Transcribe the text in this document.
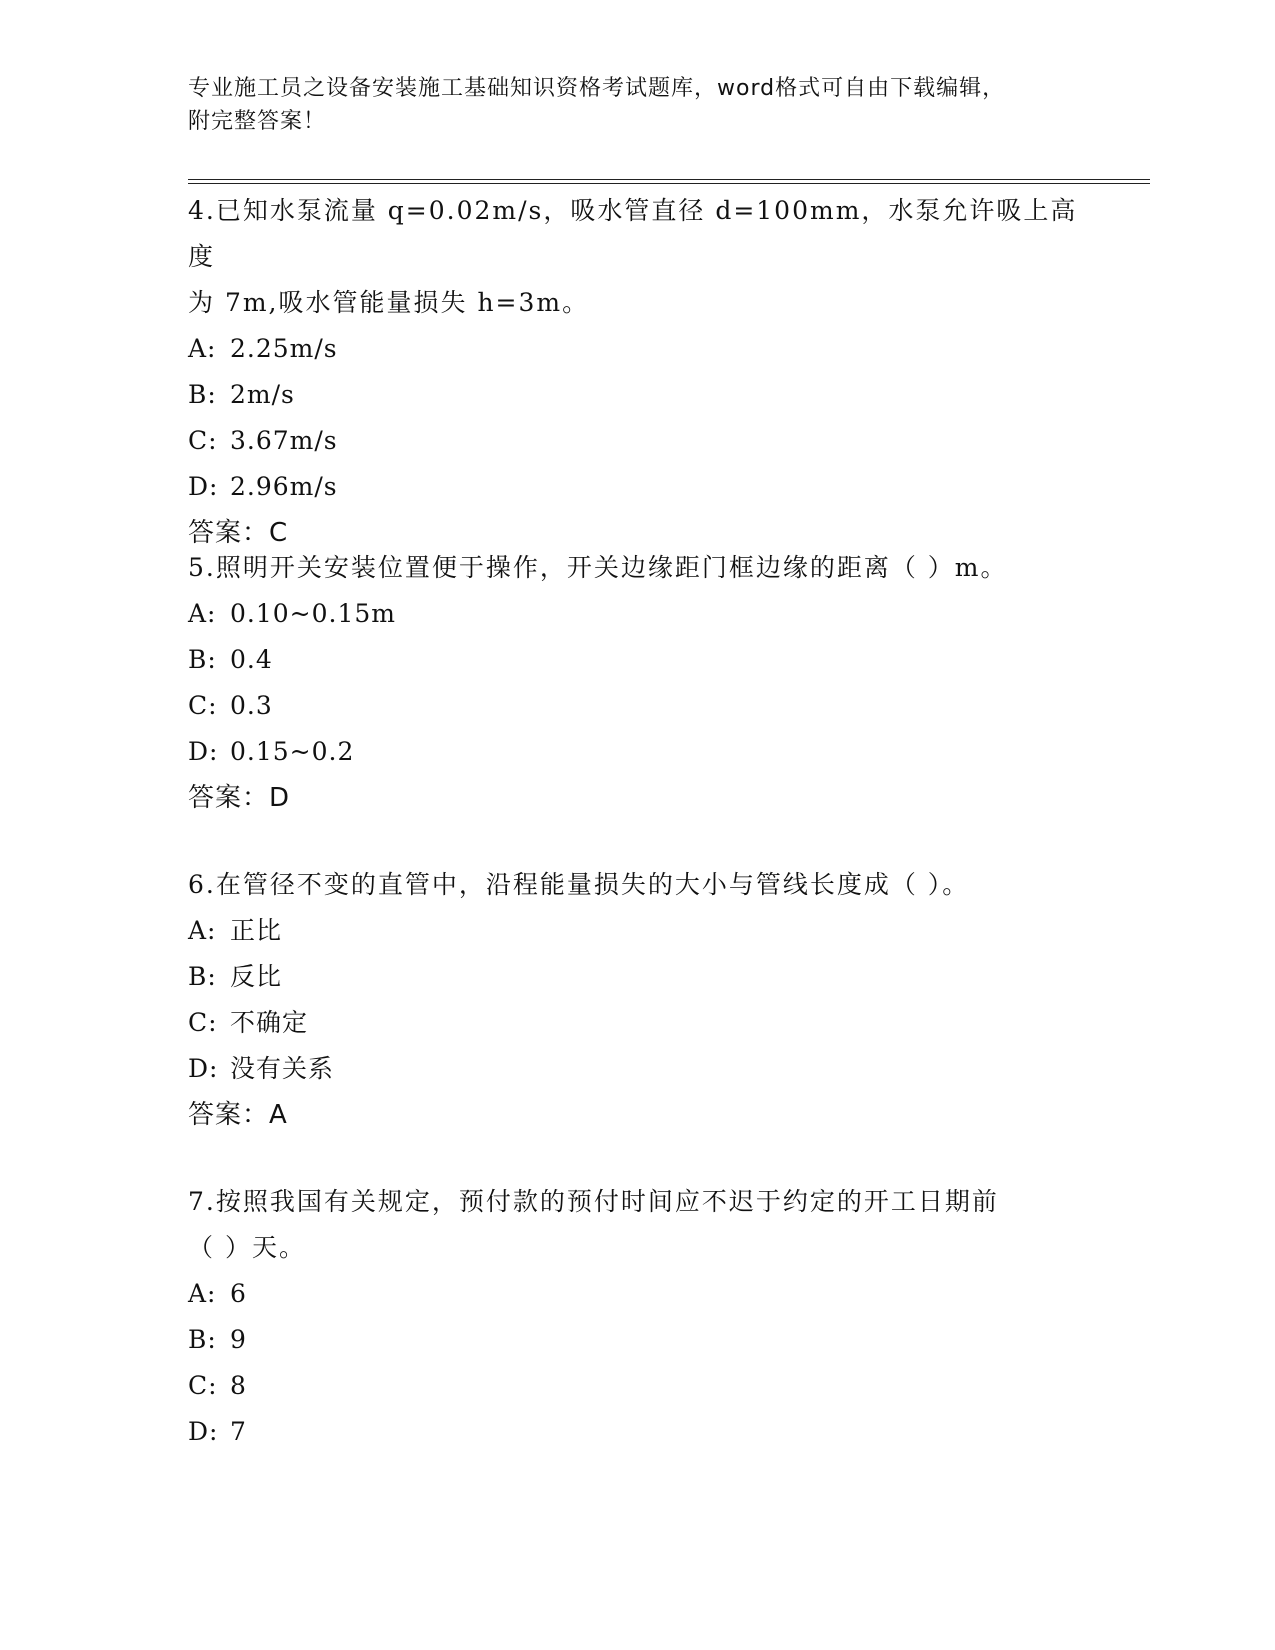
专业施工员之设备安装施工基础知识资格考试题库，word格式可自由下载编辑，
附完整答案！

4.已知水泵流量 q=0.02m/s，吸水管直径 d=100mm，水泵允许吸上高度

为 7m,吸水管能量损失 h=3m。

A: 2.25m/s

B: 2m/s

C: 3.67m/s

D: 2.96m/s

答案：C

5.照明开关安装位置便于操作，开关边缘距门框边缘的距离（ ）m。

A: 0.10~0.15m

B: 0.4

C: 0.3

D: 0.15~0.2

答案：D

6.在管径不变的直管中，沿程能量损失的大小与管线长度成（ ）。

A: 正比

B: 反比

C: 不确定

D: 没有关系

答案：A

7.按照我国有关规定，预付款的预付时间应不迟于约定的开工日期前

（ ）天。

A: 6

B: 9

C: 8

D: 7
